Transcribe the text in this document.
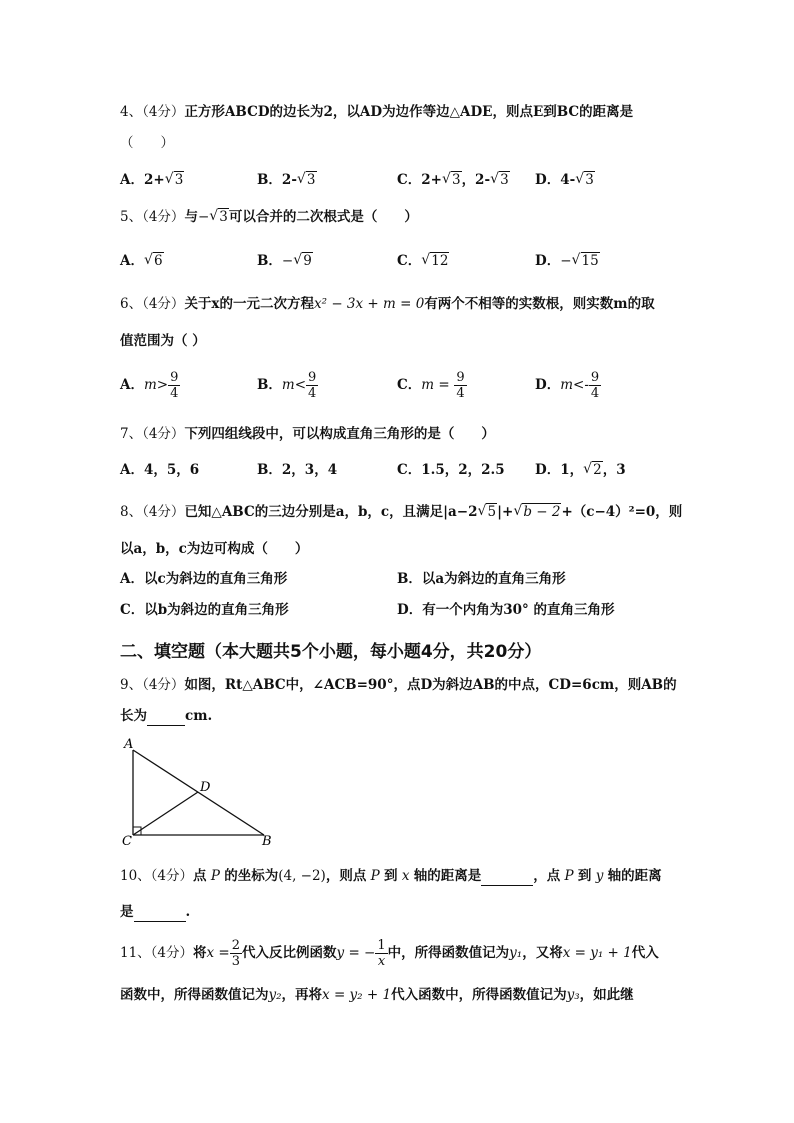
4、（4分）正方形ABCD的边长为2，以AD为边作等边△ADE，则点E到BC的距离是
（　　）
A．2+ √ 3	B．2- √ 3	C．2+ √ 3，2- √ 3 D．4- √ 3
5、（4分）与− √ 3可以合并的二次根式是（　　）
A． √ 6	B．− √ 9	C． √ 12	D．− √ 15
6、（4分）关于x的一元二次方程x² − 3x + m = 0有两个不相等的实数根，则实数m的取
值范围为（ ）
A．$m> \frac{9}{4}$	B．$m< \frac{9}{4}$	C．$m = \frac{9}{4}$	D．$m<- \frac{9}{4}$
7、（4分）下列四组线段中，可以构成直角三角形的是（　　）
A．4，5，6	B．2，3，4	C．1.5，2，2.5 D．1， √ 2，3
8、（4分）已知△ABC的三边分别是a，b，c，且满足|a−2 √ 5|+ √ b − 2+（c−4）²=0，则
以a，b，c为边可构成（　　）
A．以c为斜边的直角三角形	B．以a为斜边的直角三角形
C．以b为斜边的直角三角形	D．有一个内角为30° 的直角三角形
二、填空题（本大题共5个小题，每小题4分，共20分）
9、（4分）如图，Rt△ABC中，∠ACB=90°，点D为斜边AB的中点，CD=6cm，则AB的
长为	cm.
A
C	B
D
10、（4分）点 P 的坐标为(4, −2)，则点 P 到 x 轴的距离是	，点 P 到 y 轴的距离
是	.
11、（4分）将$x = \frac{2}{3}$ 代入反比例函数y = − $\frac{1}{x}$ 中，所得函数值记为y₁，又将x = y₁ + 1代入
函数中，所得函数值记为y₂，再将x = y₂ + 1代入函数中，所得函数值记为y₃，如此继
